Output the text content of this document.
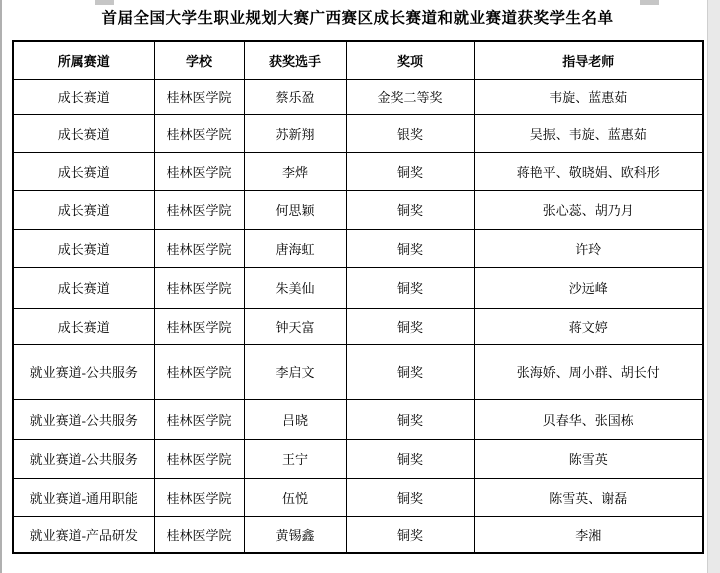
首届全国大学生职业规划大赛广西赛区成长赛道和就业赛道获奖学生名单
所属赛道	学校	获奖选手	奖项	指导老师
成长赛道	桂林医学院	蔡乐盈	金奖二等奖	韦旋、蓝惠茹
成长赛道	桂林医学院	苏新翔	银奖	吴振、韦旋、蓝惠茹
成长赛道	桂林医学院	李烨	铜奖	蒋艳平、敬晓娟、欧科形
成长赛道	桂林医学院	何思颖	铜奖	张心蕊、胡乃月
成长赛道	桂林医学院	唐海虹	铜奖	许玲
成长赛道	桂林医学院	朱美仙	铜奖	沙远峰
成长赛道	桂林医学院	钟天富	铜奖	蒋文婷
就业赛道-公共服务	桂林医学院	李启文	铜奖	张海娇、周小群、胡长付
就业赛道-公共服务	桂林医学院	吕晓	铜奖	贝春华、张国栋
就业赛道-公共服务	桂林医学院	王宁	铜奖	陈雪英
就业赛道-通用职能	桂林医学院	伍悦	铜奖	陈雪英、谢磊
就业赛道-产品研发	桂林医学院	黄锡鑫	铜奖	李湘
